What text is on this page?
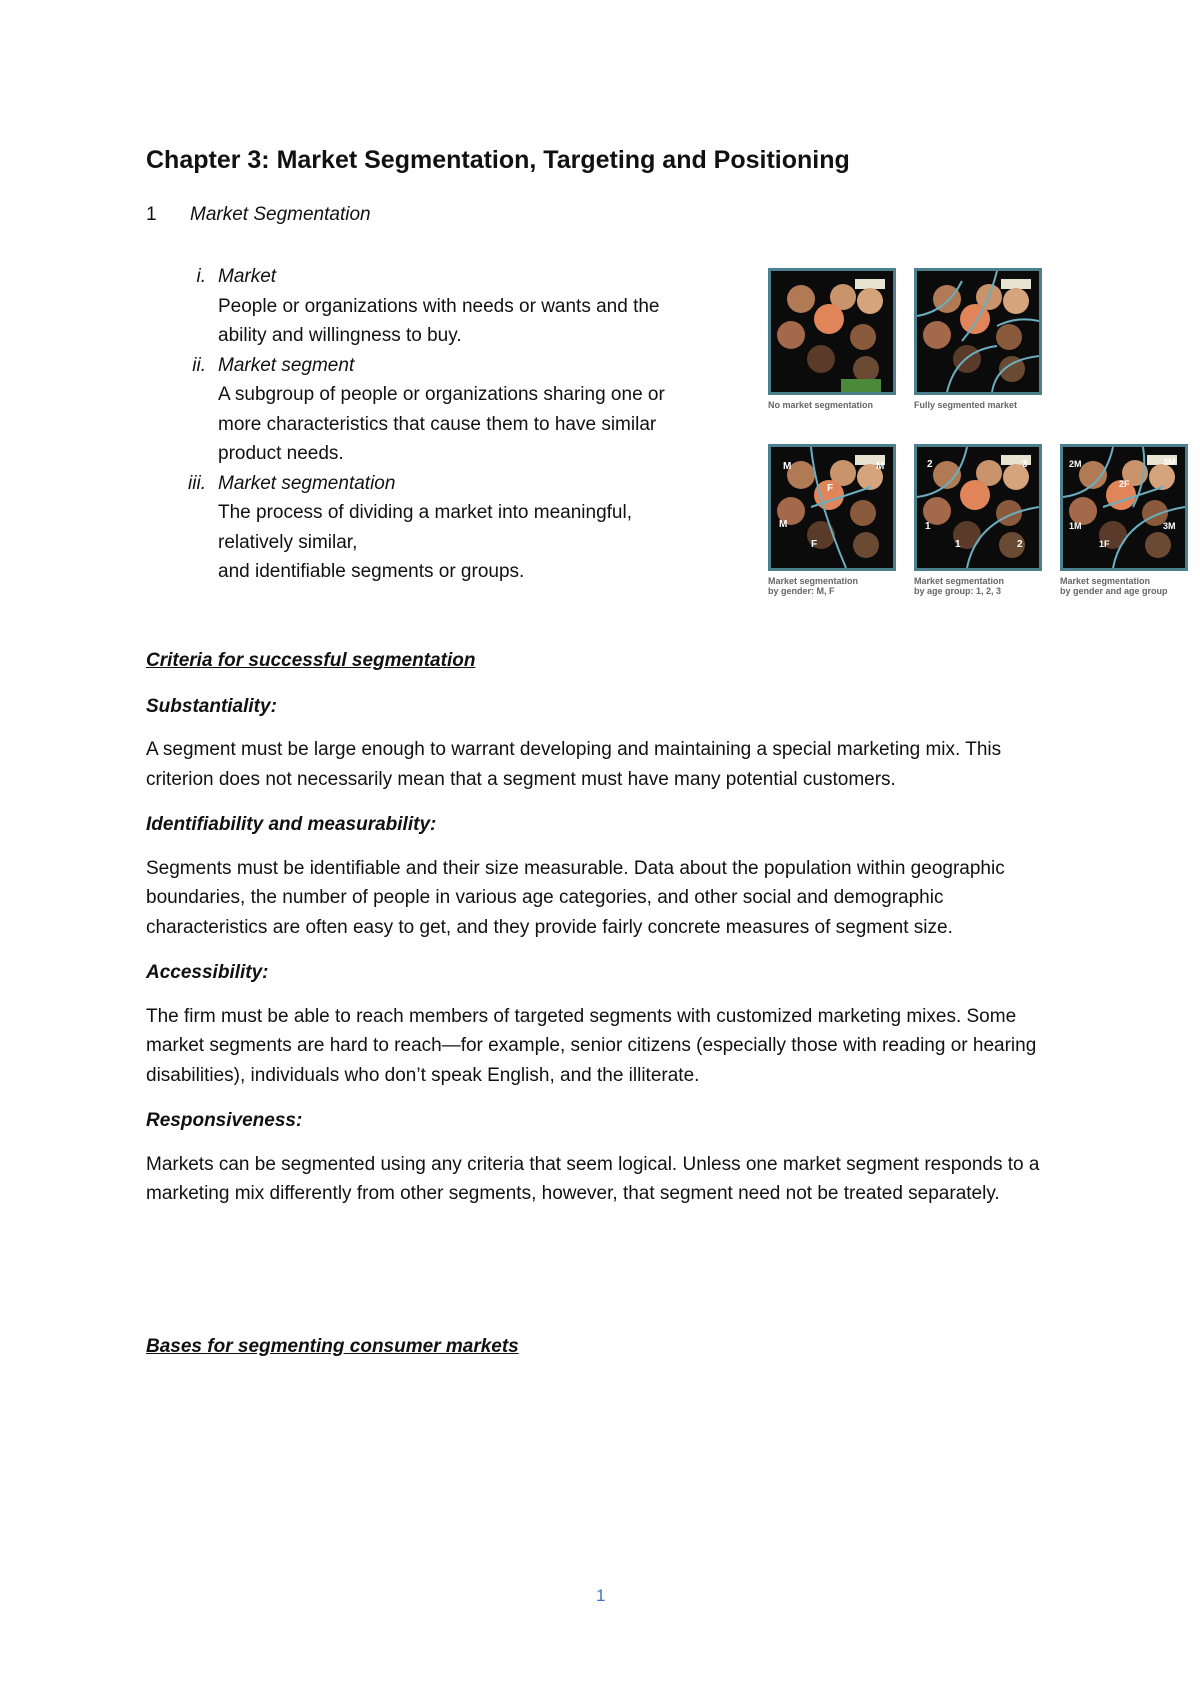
Chapter 3: Market Segmentation, Targeting and Positioning
1 Market Segmentation
i. Market
People or organizations with needs or wants and the
ability and willingness to buy.
ii. Market segment
A subgroup of people or organizations sharing one or
more characteristics that cause them to have similar
product needs.
iii. Market segmentation
The process of dividing a market into meaningful,
relatively similar,
and identifiable segments or groups.
No market segmentation	Fully segmented market
M	M
M
F
F
2	3
1
1	2
2F
3M
1M
1F
2M
3M
Market segmentation
by gender: M, F
Market segmentation
by age group: 1, 2, 3
Market segmentation
by gender and age group

Criteria for successful segmentation

Substantiality:

A segment must be large enough to warrant developing and maintaining a special marketing mix. This criterion does not necessarily mean that a segment must have many potential customers.

Identifiability and measurability:

Segments must be identifiable and their size measurable. Data about the population within geographic boundaries, the number of people in various age categories, and other social and demographic characteristics are often easy to get, and they provide fairly concrete measures of segment size.

Accessibility:

The firm must be able to reach members of targeted segments with customized marketing mixes. Some market segments are hard to reach—for example, senior citizens (especially those with reading or hearing disabilities), individuals who don’t speak English, and the illiterate.

Responsiveness:

Markets can be segmented using any criteria that seem logical. Unless one market segment responds to a marketing mix differently from other segments, however, that segment need not be treated separately.

Bases for segmenting consumer markets

1
